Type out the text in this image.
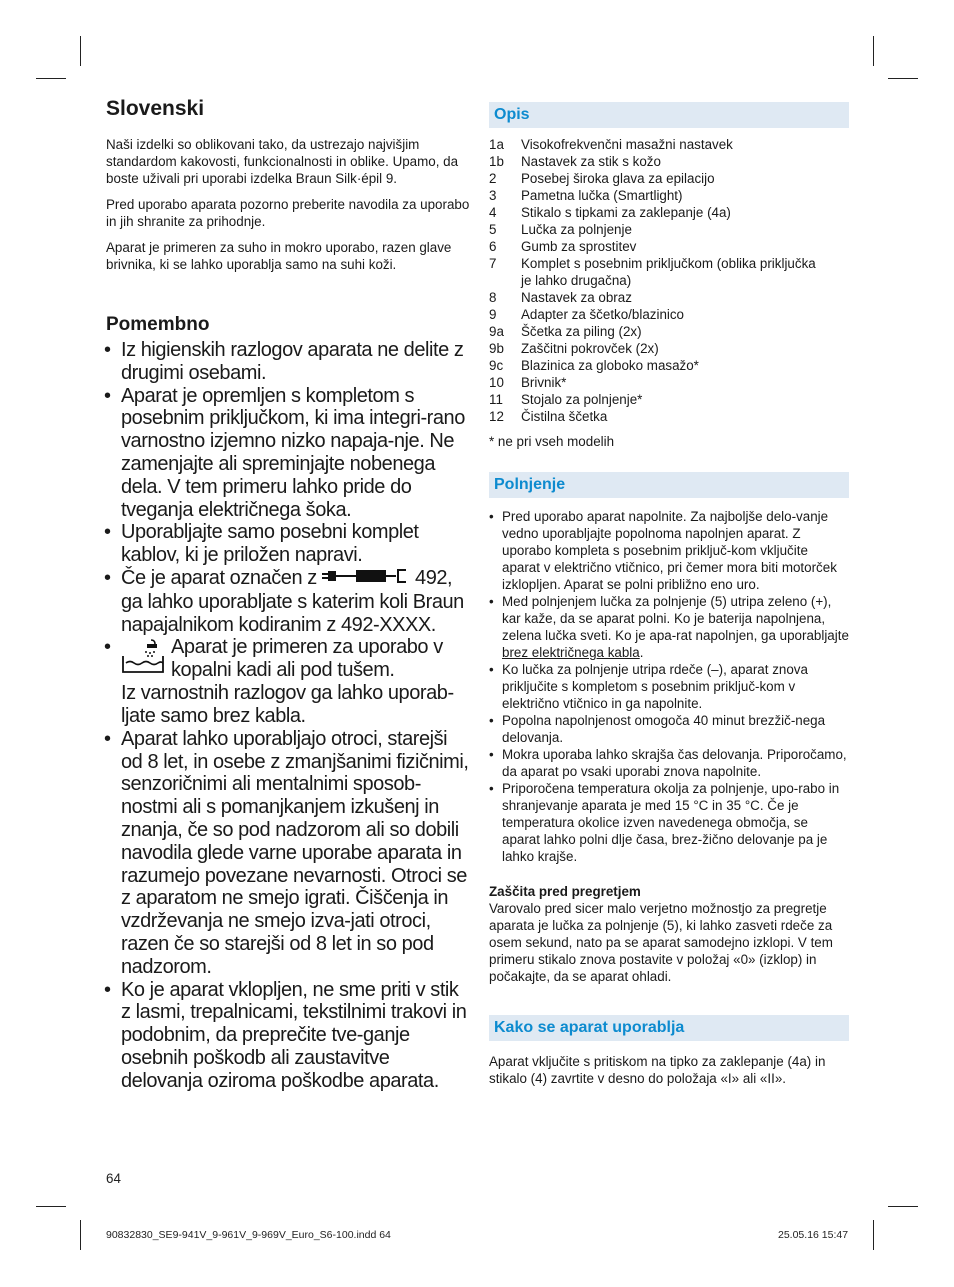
Slovenski

Naši izdelki so oblikovani tako, da ustrezajo najvišjim standardom kakovosti, funkcionalnosti in oblike. Upamo, da boste uživali pri uporabi izdelka Braun Silk·épil 9.

Pred uporabo aparata pozorno preberite navodila za uporabo in jih shranite za prihodnje.

Aparat je primeren za suho in mokro uporabo, razen glave brivnika, ki se lahko uporablja samo na suhi koži.

Pomembno
• Iz higienskih razlogov aparata ne delite z drugimi osebami.
• Aparat je opremljen s kompletom s posebnim priključkom, ki ima integri-rano varnostno izjemno nizko napaja-nje. Ne zamenjajte ali spreminjajte nobenega dela. V tem primeru lahko pride do tveganja električnega šoka.
• Uporabljajte samo posebni komplet kablov, ki je priložen napravi.
• Če je aparat označen z	492, ga lahko uporabljate s katerim koli Braun napajalnikom kodiranim z 492-XXXX.
• Aparat je primeren za uporabo v kopalni kadi ali pod tušem.
Iz varnostnih razlogov ga lahko uporab-ljate samo brez kabla.
• Aparat lahko uporabljajo otroci, starejši od 8 let, in osebe z zmanjšanimi fizičnimi, senzoričnimi ali mentalnimi sposob-nostmi ali s pomanjkanjem izkušenj in znanja, če so pod nadzorom ali so dobili navodila glede varne uporabe aparata in razumejo povezane nevarnosti. Otroci se z aparatom ne smejo igrati. Čiščenja in vzdrževanja ne smejo izva-jati otroci, razen če so starejši od 8 let in so pod nadzorom.
• Ko je aparat vklopljen, ne sme priti v stik z lasmi, trepalnicami, tekstilnimi trakovi in podobnim, da preprečite tve-ganje osebnih poškodb ali zaustavitve delovanja oziroma poškodbe aparata.
Opis
1a	Visokofrekvenčni masažni nastavek
1b	Nastavek za stik s kožo
2	Posebej široka glava za epilacijo
3	Pametna lučka (Smartlight)
4	Stikalo s tipkami za zaklepanje (4a)
5	Lučka za polnjenje
6	Gumb za sprostitev
7	Komplet s posebnim priključkom (oblika priključka je lahko drugačna)
8	Nastavek za obraz
9	Adapter za ščetko/blazinico
9a	Ščetka za piling (2x)
9b	Zaščitni pokrovček (2x)
9c	Blazinica za globoko masažo*
10	Brivnik*
11	Stojalo za polnjenje*
12	Čistilna ščetka

* ne pri vseh modelih

Polnjenje
• Pred uporabo aparat napolnite. Za najboljše delo-vanje vedno uporabljajte popolnoma napolnjen aparat. Z uporabo kompleta s posebnim priključ-kom vključite aparat v električno vtičnico, pri čemer mora biti motorček izklopljen. Aparat se polni približno eno uro.
• Med polnjenjem lučka za polnjenje (5) utripa zeleno (+), kar kaže, da se aparat polni. Ko je baterija napolnjena, zelena lučka sveti. Ko je apa-rat napolnjen, ga uporabljajte brez električnega kabla.
• Ko lučka za polnjenje utripa rdeče (–), aparat znova priključite s kompletom s posebnim priključ-kom v električno vtičnico in ga napolnite.
• Popolna napolnjenost omogoča 40 minut brezžič-nega delovanja.
• Mokra uporaba lahko skrajša čas delovanja. Priporočamo, da aparat po vsaki uporabi znova napolnite.
• Priporočena temperatura okolja za polnjenje, upo-rabo in shranjevanje aparata je med 15 °C in 35 °C. Če je temperatura okolice izven navedenega območja, se aparat lahko polni dlje časa, brez-žično delovanje pa je lahko krajše.
Zaščita pred pregretjem

Varovalo pred sicer malo verjetno možnostjo za pregretje aparata je lučka za polnjenje (5), ki lahko zasveti rdeče za osem sekund, nato pa se aparat samodejno izklopi. V tem primeru stikalo znova postavite v položaj «0» (izklop) in počakajte, da se aparat ohladi.

Kako se aparat uporablja

Aparat vključite s pritiskom na tipko za zaklepanje (4a) in stikalo (4) zavrtite v desno do položaja «I» ali «II».

64
90832830_SE9-941V_9-961V_9-969V_Euro_S6-100.indd 64	25.05.16 15:47
